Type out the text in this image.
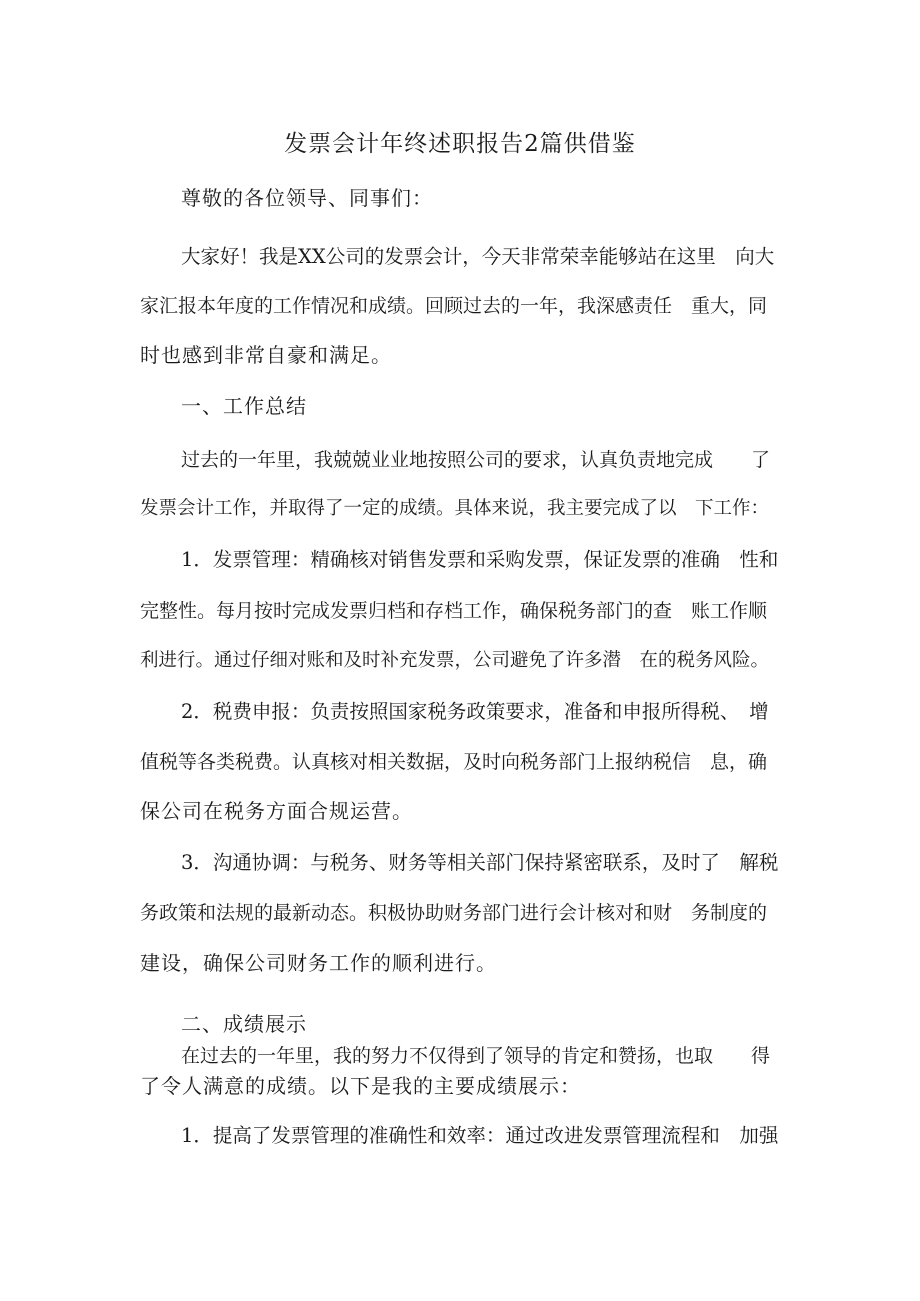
发票会计年终述职报告2篇供借鉴
尊敬的各位领导、同事们：
大家好！我是XX公司的发票会计，今天非常荣幸能够站在这里　向大
家汇报本年度的工作情况和成绩。回顾过去的一年，我深感责任　重大，同
时也感到非常自豪和满足。
一、工作总结
过去的一年里，我兢兢业业地按照公司的要求，认真负责地完成　　了
发票会计工作，并取得了一定的成绩。具体来说，我主要完成了以　下工作：
1．发票管理：精确核对销售发票和采购发票，保证发票的准确　性和
完整性。每月按时完成发票归档和存档工作，确保税务部门的查　账工作顺
利进行。通过仔细对账和及时补充发票，公司避免了许多潜　在的税务风险。
2．税费申报：负责按照国家税务政策要求，准备和申报所得税、　增
值税等各类税费。认真核对相关数据，及时向税务部门上报纳税信　息，确
保公司在税务方面合规运营。
3．沟通协调：与税务、财务等相关部门保持紧密联系，及时了　解税
务政策和法规的最新动态。积极协助财务部门进行会计核对和财　务制度的
建设，确保公司财务工作的顺利进行。
二、成绩展示
在过去的一年里，我的努力不仅得到了领导的肯定和赞扬，也取　　得
了令人满意的成绩。以下是我的主要成绩展示：
1．提高了发票管理的准确性和效率：通过改进发票管理流程和　加强
